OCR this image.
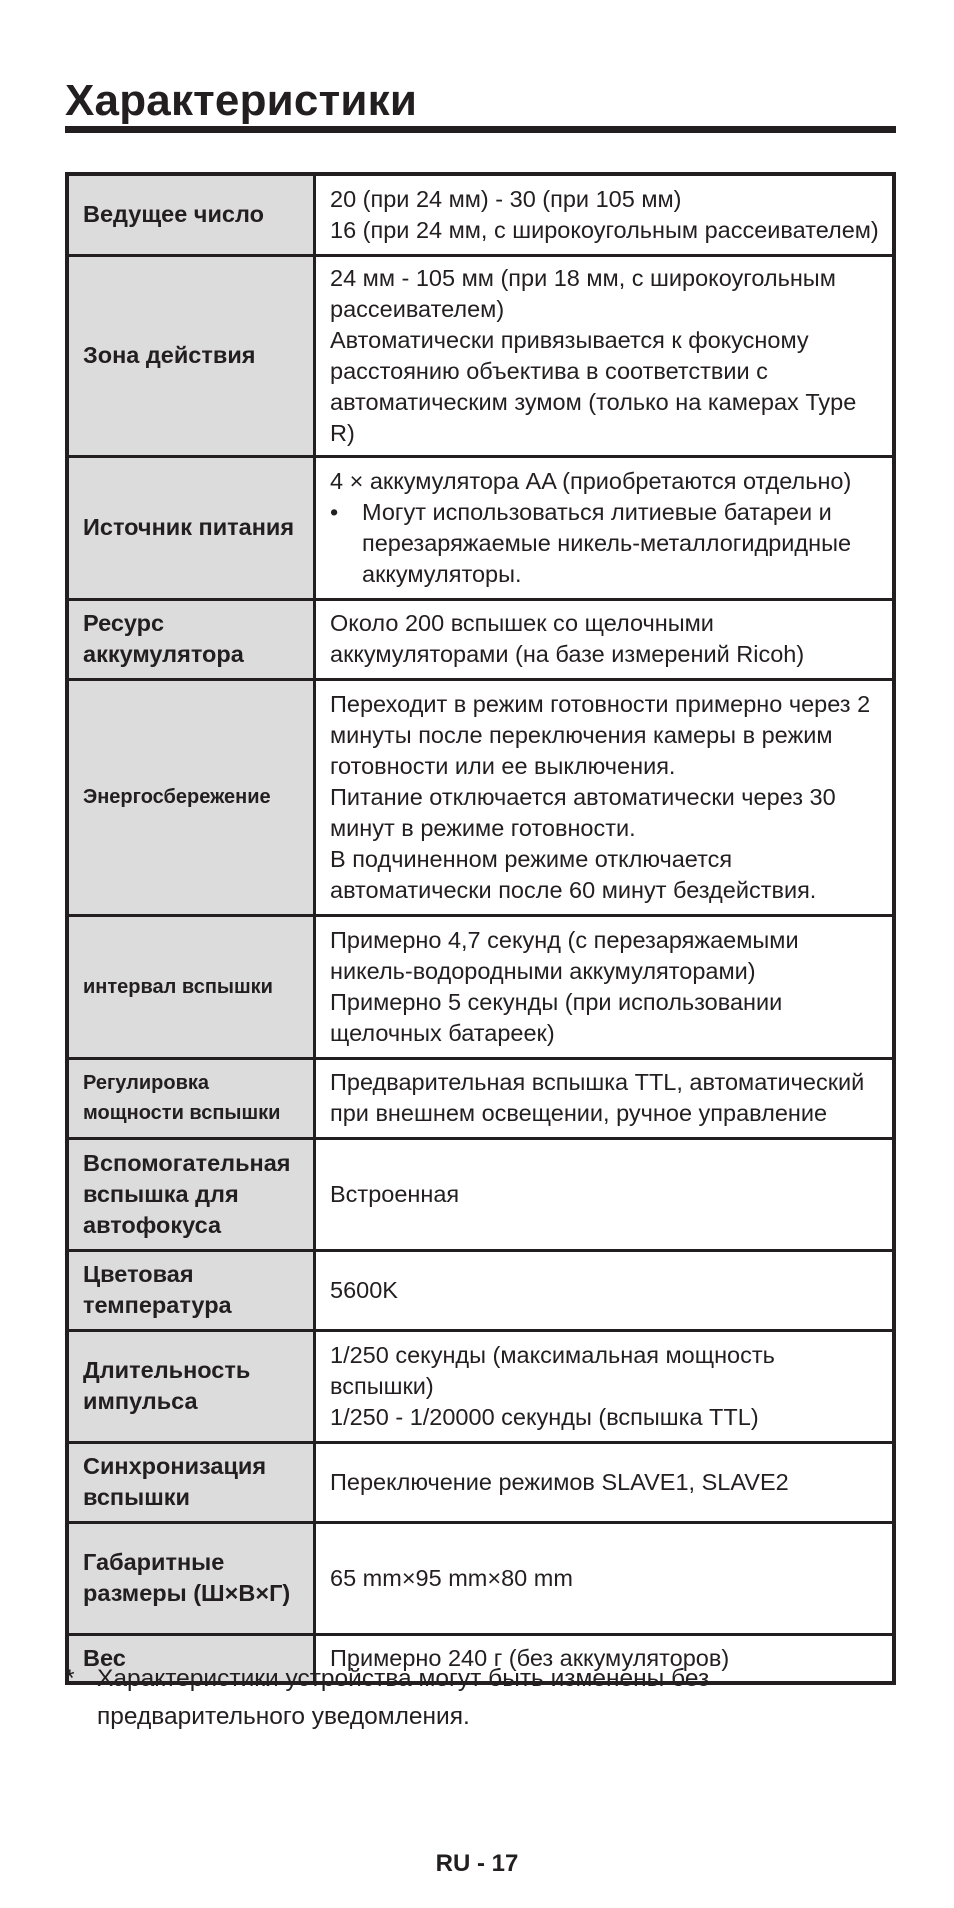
Характеристики
Ведущее число	20 (при 24 мм) - 30 (при 105 мм)
16 (при 24 мм, с широкоугольным рассеивателем)

Зона действия	24 мм - 105 мм (при 18 мм, с широкоугольным рассеивателем)
Автоматически привязывается к фокусному расстоянию объектива в соответствии с автоматическим зумом (только на камерах Type R)

Источник питания	4 × аккумулятора AA (приобретаются отдельно)
• Могут использоваться литиевые батареи и перезаряжаемые никель-металлогидридные аккумуляторы.

Ресурс аккумулятора	Около 200 вспышек со щелочными аккумуляторами (на базе измерений Ricoh)

Энергосбережение	Переходит в режим готовности примерно через 2 минуты после переключения камеры в режим готовности или ее выключения.
Питание отключается автоматически через 30 минут в режиме готовности.
В подчиненном режиме отключается автоматически после 60 минут бездействия.

интервал вспышки	Примерно 4,7 секунд (с перезаряжаемыми никель-водородными аккумуляторами)
Примерно 5 секунды (при использовании щелочных батареек)

Регулировка мощности вспышки	Предварительная вспышка TTL, автоматический при внешнем освещении, ручное управление

Вспомогательная вспышка для автофокуса	Встроенная

Цветовая температура	5600K

Длительность импульса	1/250 секунды (максимальная мощность вспышки)
1/250 - 1/20000 секунды (вспышка TTL)

Синхронизация вспышки	Переключение режимов SLAVE1, SLAVE2

Габаритные размеры (Ш×В×Г)	65 mm×95 mm×80 mm

Вес	Примерно 240 г (без аккумуляторов)
* Характеристики устройства могут быть изменены без предварительного уведомления.
RU - 17
